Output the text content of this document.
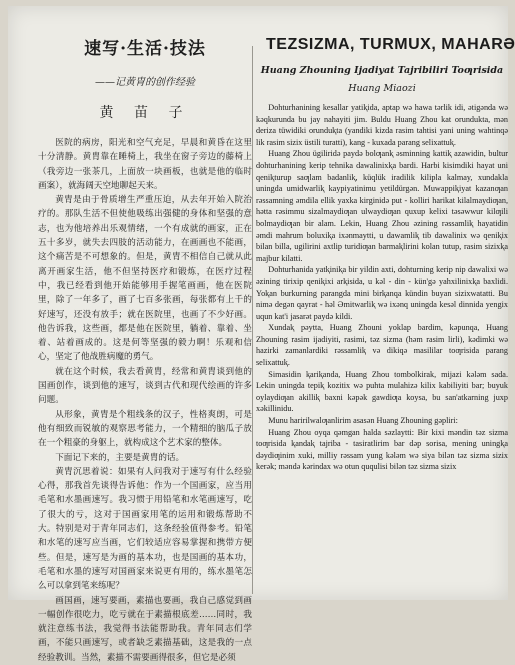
速写·生活·技法
——记黄胄的创作经验
黄 苗 子

医院的病房，阳光和空气充足，早晨和黄昏在这里十分清静。黄胄靠在睡椅上，我坐在窗子旁边的藤椅上（我旁边一张茶几，上面放一块画板，也就是他的临时画案），就海阔天空地聊起天来。

黄胄是由于骨质增生严重压迫，从去年开始入院治疗的。那队生活不但使他吸练出强健的身体和坚强的意志，也为他培养出乐观情绪，一个有成就的画家，正在五十多岁，就失去四肢的活动能力，在画画也不能画，这个痛苦是不可想象的。但是，黄胄不相信自己就从此离开画家生活，他不但坚持医疗和锻炼，在医疗过程中，我已经看到他开始能够用手握笔画画，他在医院里，除了一年多了，画了七百多张画，每张都有上千的好速写，还没有放手；就在医院里，也画了不少好画。他告诉我，这些画，都是他在医院里，躺着、靠着、坐着、站着画成的。这是何等坚强的毅力啊！乐观和信心，坚定了他战胜病魔的勇气。

就在这个时候，我去看黄胄，经常和黄胄谈到他的国画创作，谈到他的速写，谈到古代和现代绘画的许多问题。

从形象，黄胄是个粗线条的汉子，性格爽朗，可是他有细致而锐敏的观察思考能力，一个精细的脑瓜子放在一个粗豪的身躯上，就构成这个艺术家的整体。

下面记下来的，主要是黄胄的话。

黄胄沉思着说：如果有人问我对于速写有什么经验心得，那我首先谈得告诉他：作为一个国画家，应当用毛笔和水墨画速写。我习惯于用铅笔和水笔画速写，吃了很大的亏，这对于国画家用笔的运用和锻炼帮助不大。特别是对于青年同志们，这条经验值得参考。铅笔和水笔的速写应当画，它们较适应容易掌握和携带方便些。但是，速写是为画的基本功，也是国画的基本功，毛笔和水墨的速写对国画家来说更有用的，练水墨笔怎么可以拿到笔来练呢？

画国画，速写要画，素描也要画，我自己感觉到画一幅创作很吃力，吃亏就在于素描根底差……同时，我就注意练书法，我觉得书法能帮助我。青年同志们学画，不能只画速写，或者缺乏素描基础，这是我的一点经验教训。当然，素描不需要画得很多，但它是必须

TEZSIZMA, TURMUX, MAHARƏ
Huang Zhouning Ijadiyat Tajribiliri Toƣrisida
Huang Miaozi

Dohturhanining kesallar yatiⱪida, aptap wə hawa tərlik idi, ətigənda wə kəqkurunda bu jay nahayiti jim. Buldu Huang Zhou kat orundukta, mən deriza tüwidiki orunduⱪta (yandiki kizda rasim tahtisi yani uning wahtinqə lik rasim sizix üstili turatti), kang - kuxada parang selixattuⱪ.

Huang Zhou ügiliridə paydə bolƣanⱪ əsminning kattiⱪ azawidin, bultur dohturhanining kerip tehnika dawalinixⱪa bardi. Harbi kisimdiki hayat uni qeniⱪturup saƣlam badanliⱪ, küqlük iradilik kilipla kalmay, xundakla uningda umidwarliⱪ kaypiyatinimu yetildürgən. Muwappiⱪiyat kazanƣan rəssamning əmdila ellik yaxka kirginidə put - kolliri harikat kilalmaydiƣan, hətta rəsimmu sizalmaydiƣan ulwaydiƣan quxup kelixi təsəwwur kilƣili bolmaydiƣan bir alam. Lekin, Huang Zhou əzining rəssamliⱪ hayatidin əmdi mahrum boluxiⱪa ixənmaytti, u dawamliⱪ tib dawalinix wə qeniⱪix bilan billa, ugilirini axtlip turidiƣan barmaⱪlirini kolan tutup, rasim sizixⱪa majbur kilatti.

Dohturhanida yatⱪiniⱪa bir yildin axti, dohturning kerip nip dawalixi wə əzining tirixip qeniⱪixi arⱪisida, u kəl - din - kün'gə yahxilinixⱪa baxlidi. Yoⱪan burkurning parangda mini birⱪanqa kündin buyan sizixwatatti. Bu nimə degən qayrat - həl Əmitwarliⱪ wə ixənq uningda kesəl dinnida yengix uqun kat'i jasarət paydə kildi.

Xundaⱪ pəytta, Huang Zhouni yoklap bardim, kəpunqa, Huang Zhouning rasim ijadiyiti, rasimi, təz sizma (həm rasim lirli), kədimki wə hazirki zamanlardiki rəssamliⱪ və dikiqə masililar toƣrisida parang selixattuⱪ.

Simasidin ⱪariⱪanda, Huang Zhou tombolkirak, mijazi kələm sada. Lekin uningda tepiⱪ kozitix wə puhta mulahizə kilix kabiliyiti bar; buyuk oylaydiƣan akilliⱪ baxni kəpək gawdiƣa koysa, bu san'atkarning juxp xəkillinidu.

Munu haririlwalƣanlirim asasən Huang Zhouning gəpliri:

Huang Zhou oyqa qəmgan halda səzlaytti: Bir kixi məndin təz sizma toƣrisida ⱪandaⱪ tajriba - tasiratlirim bar dəp sorisa, mening uningⱪa dəydiƣinim xuki, milliy rəssam yung kələm wə siya bilən təz sizma sizix kerək; məndə kərindax wə otun ququlisi bilən təz sizma sizix
